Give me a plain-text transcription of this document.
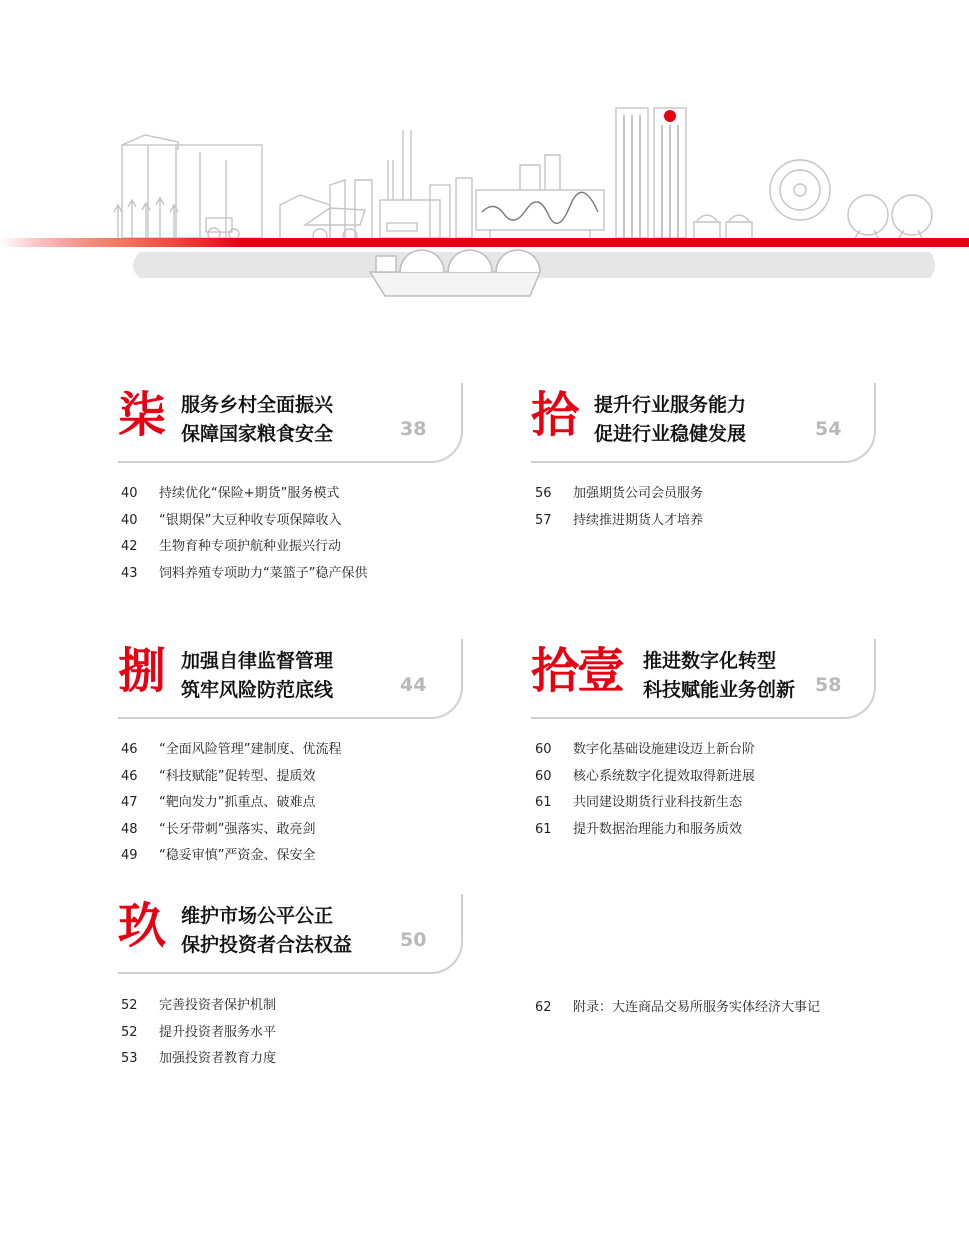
柒 服务乡村全面振兴
保障国家粮食安全	38
40 持续优化“保险+期货”服务模式
40 “银期保”大豆种收专项保障收入
42 生物育种专项护航种业振兴行动
43 饲料养殖专项助力“菜篮子”稳产保供
拾 提升行业服务能力
促进行业稳健发展	54
56 加强期货公司会员服务
57 持续推进期货人才培养
捌 加强自律监督管理
筑牢风险防范底线	44
46 “全面风险管理”建制度、优流程
46 “科技赋能”促转型、提质效
47 “靶向发力”抓重点、破难点
48 “长牙带刺”强落实、敢亮剑
49 “稳妥审慎”严资金、保安全
拾壹 推进数字化转型
科技赋能业务创新 58
60 数字化基础设施建设迈上新台阶
60 核心系统数字化提效取得新进展
61 共同建设期货行业科技新生态
61 提升数据治理能力和服务质效
玖 维护市场公平公正
保护投资者合法权益	50
52 完善投资者保护机制
52 提升投资者服务水平
53 加强投资者教育力度
62 附录：大连商品交易所服务实体经济大事记
